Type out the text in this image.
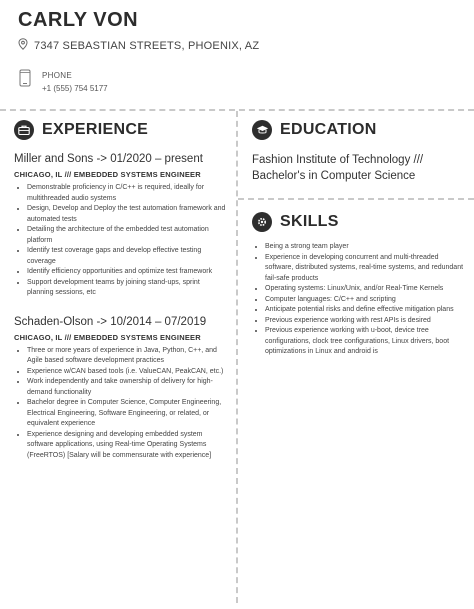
CARLY VON
7347 SEBASTIAN STREETS, PHOENIX, AZ
PHONE
+1 (555) 754 5177
EXPERIENCE
Miller and Sons -> 01/2020 – present
CHICAGO, IL /// EMBEDDED SYSTEMS ENGINEER
• Demonstrable proficiency in C/C++ is required, ideally for multithreaded audio systems
• Design, Develop and Deploy the test automation framework and automated tests
• Detailing the architecture of the embedded test automation platform
• Identify test coverage gaps and develop effective testing coverage
• Identify efficiency opportunities and optimize test framework
• Support development teams by joining stand-ups, sprint planning sessions, etc
Schaden-Olson -> 10/2014 – 07/2019
CHICAGO, IL /// EMBEDDED SYSTEMS ENGINEER
• Three or more years of experience in Java, Python, C++, and Agile based software development practices
• Experience w/CAN based tools (i.e. ValueCAN, PeakCAN, etc.)
• Work independently and take ownership of delivery for high-demand functionality
• Bachelor degree in Computer Science, Computer Engineering, Electrical Engineering, Software Engineering, or related, or equivalent experience
• Experience designing and developing embedded system software applications, using Real-time Operating Systems (FreeRTOS) [Salary will be commensurate with experience]
EDUCATION
Fashion Institute of Technology /// Bachelor's in Computer Science
SKILLS
• Being a strong team player
• Experience in developing concurrent and multi-threaded software, distributed systems, real-time systems, and redundant fail-safe products
• Operating systems: Linux/Unix, and/or Real-Time Kernels
• Computer languages: C/C++ and scripting
• Anticipate potential risks and define effective mitigation plans
• Previous experience working with rest APIs is desired
• Previous experience working with u-boot, device tree configurations, clock tree configurations, Linux drivers, boot optimizations in Linux and android is
